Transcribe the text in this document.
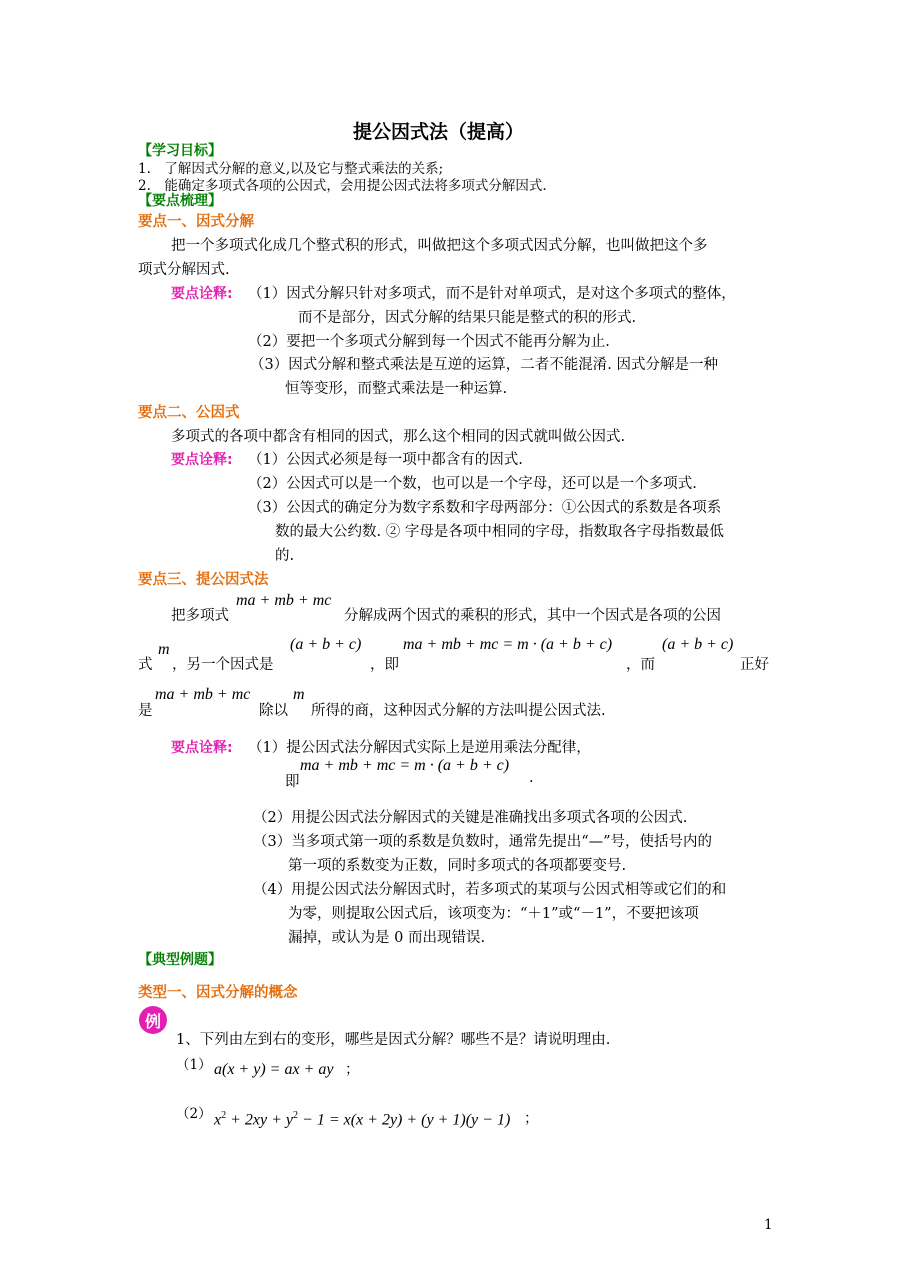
提公因式法（提高）
【学习目标】
1.　了解因式分解的意义,以及它与整式乘法的关系;
2.　能确定多项式各项的公因式，会用提公因式法将多项式分解因式.
【要点梳理】
要点一、因式分解
把一个多项式化成几个整式积的形式，叫做把这个多项式因式分解，也叫做把这个多
项式分解因式.
要点诠释: （1）因式分解只针对多项式，而不是针对单项式，是对这个多项式的整体，
而不是部分，因式分解的结果只能是整式的积的形式.
（2）要把一个多项式分解到每一个因式不能再分解为止.
（3）因式分解和整式乘法是互逆的运算，二者不能混淆. 因式分解是一种
恒等变形，而整式乘法是一种运算.
要点二、公因式
多项式的各项中都含有相同的因式，那么这个相同的因式就叫做公因式.
要点诠释: （1）公因式必须是每一项中都含有的因式.
（2）公因式可以是一个数，也可以是一个字母，还可以是一个多项式.
（3）公因式的确定分为数字系数和字母两部分：①公因式的系数是各项系
数的最大公约数. ② 字母是各项中相同的字母，指数取各字母指数最低
的.
要点三、提公因式法
把多项式
ma + mb + mc
分解成两个因式的乘积的形式，其中一个因式是各项的公因
式
m
，另一个因式是
(a + b + c)
，即
ma + mb + mc = m · (a + b + c)
，而
(a + b + c)
正好
是
ma + mb + mc
除以
m
所得的商，这种因式分解的方法叫提公因式法.
要点诠释: （1）提公因式法分解因式实际上是逆用乘法分配律，
即
ma + mb + mc = m · (a + b + c)
.
（2）用提公因式法分解因式的关键是准确找出多项式各项的公因式.
（3）当多项式第一项的系数是负数时，通常先提出“—”号，使括号内的
第一项的系数变为正数，同时多项式的各项都要变号.
（4）用提公因式法分解因式时，若多项式的某项与公因式相等或它们的和
为零，则提取公因式后，该项变为：“＋1”或“－1”，不要把该项
漏掉，或认为是 0 而出现错误.
【典型例题】
类型一、因式分解的概念
例
1、下列由左到右的变形，哪些是因式分解？哪些不是？请说明理由.
（1） a(x + y) = ax + ay ；
（2） $x^2 + 2xy + y^2 - 1 = x(x + 2y) + (y + 1)(y - 1)$ ；
1
